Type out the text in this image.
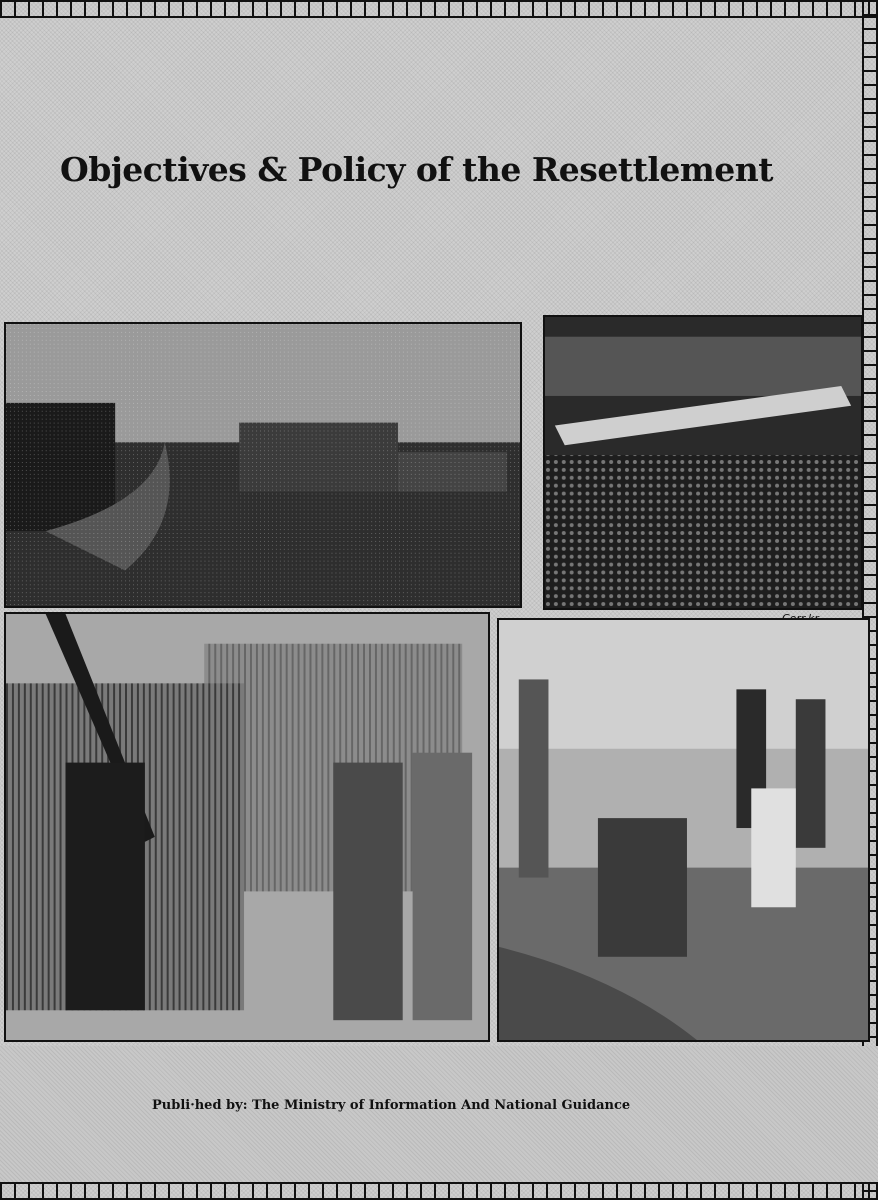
Objectives & Policy of the Resettlement
Publi·hed by: The Ministry of Information And National Guidance
